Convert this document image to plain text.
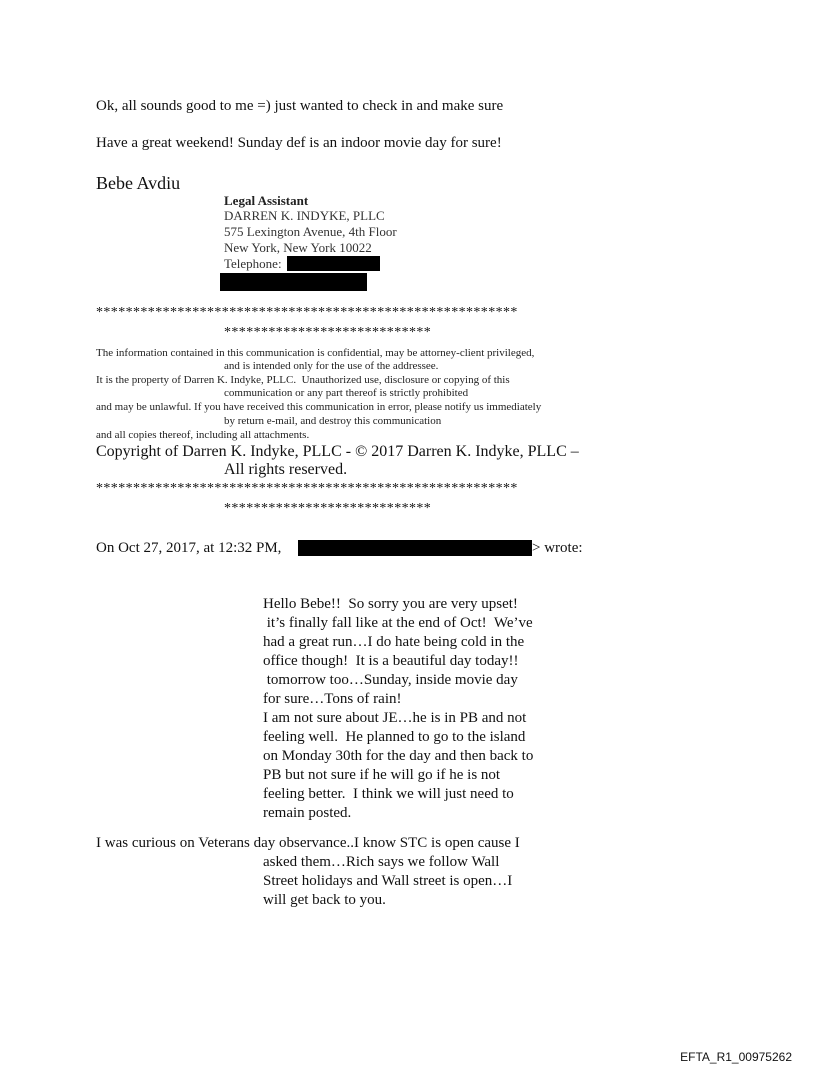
Ok, all sounds good to me =) just wanted to check in and make sure
Have a great weekend! Sunday def is an indoor movie day for sure!
Bebe Avdiu
Legal Assistant
DARREN K. INDYKE, PLLC
575 Lexington Avenue, 4th Floor
New York, New York 10022
Telephone:
*********************************************************
****************************
The information contained in this communication is confidential, may be attorney-client privileged,
and is intended only for the use of the addressee.
It is the property of Darren K. Indyke, PLLC.  Unauthorized use, disclosure or copying of this
communication or any part thereof is strictly prohibited
and may be unlawful. If you have received this communication in error, please notify us immediately
by return e-mail, and destroy this communication
and all copies thereof, including all attachments.
Copyright of Darren K. Indyke, PLLC - © 2017 Darren K. Indyke, PLLC –
All rights reserved.
*********************************************************
****************************
On Oct 27, 2017, at 12:32 PM,	> wrote:
Hello Bebe!!  So sorry you are very upset!
it’s finally fall like at the end of Oct!  We’ve
had a great run…I do hate being cold in the
office though!  It is a beautiful day today!!
tomorrow too…Sunday, inside movie day
for sure…Tons of rain!
I am not sure about JE…he is in PB and not
feeling well.  He planned to go to the island
on Monday 30th for the day and then back to
PB but not sure if he will go if he is not
feeling better.  I think we will just need to
remain posted.
I was curious on Veterans day observance..I know STC is open cause I
asked them…Rich says we follow Wall
Street holidays and Wall street is open…I
will get back to you.
EFTA_R1_00975262
